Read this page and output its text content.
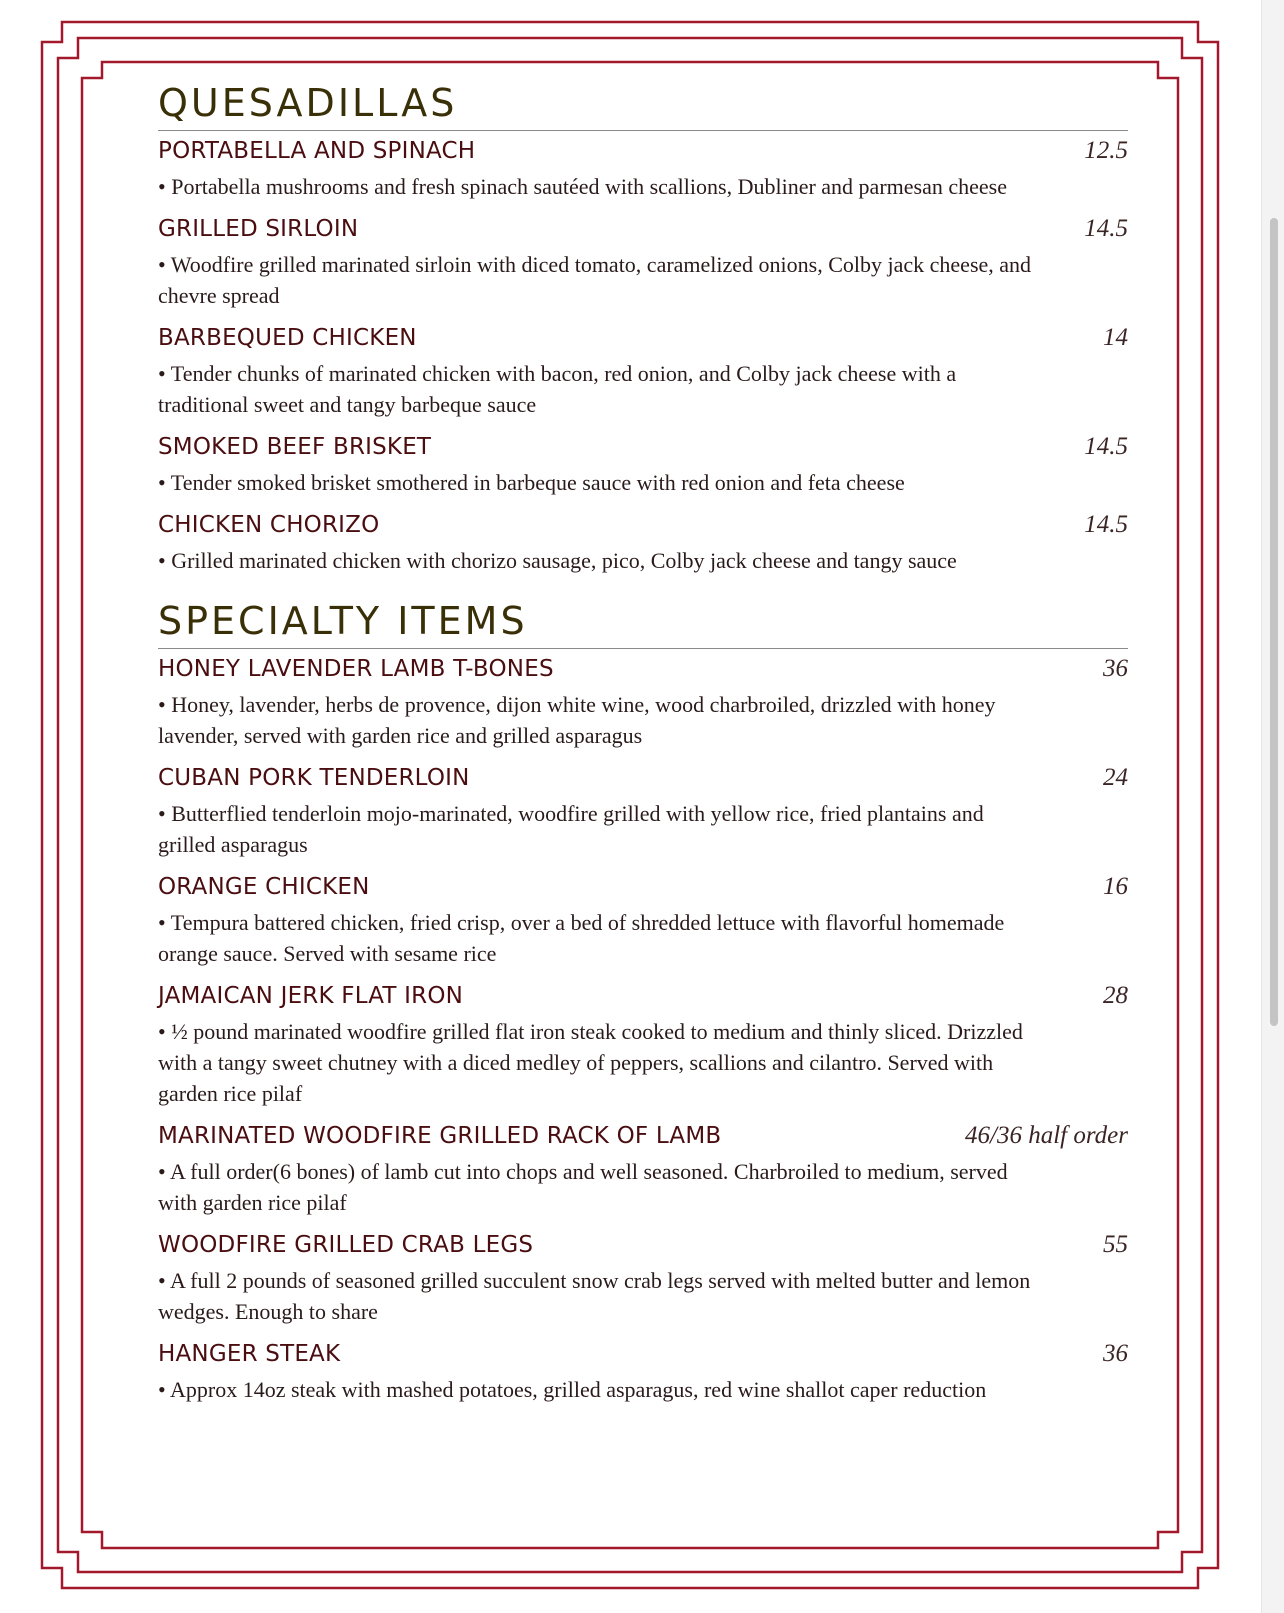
QUESADILLAS
PORTABELLA AND SPINACH	12.5
• Portabella mushrooms and fresh spinach sautéed with scallions, Dubliner and parmesan cheese
GRILLED SIRLOIN	14.5
• Woodfire grilled marinated sirloin with diced tomato, caramelized onions, Colby jack cheese, and chevre spread
BARBEQUED CHICKEN	14
• Tender chunks of marinated chicken with bacon, red onion, and Colby jack cheese with a traditional sweet and tangy barbeque sauce
SMOKED BEEF BRISKET	14.5
• Tender smoked brisket smothered in barbeque sauce with red onion and feta cheese
CHICKEN CHORIZO	14.5
• Grilled marinated chicken with chorizo sausage, pico, Colby jack cheese and tangy sauce
SPECIALTY ITEMS
HONEY LAVENDER LAMB T-BONES	36
• Honey, lavender, herbs de provence, dijon white wine, wood charbroiled, drizzled with honey lavender, served with garden rice and grilled asparagus
CUBAN PORK TENDERLOIN	24
• Butterflied tenderloin mojo-marinated, woodfire grilled with yellow rice, fried plantains and grilled asparagus
ORANGE CHICKEN	16
• Tempura battered chicken, fried crisp, over a bed of shredded lettuce with flavorful homemade orange sauce. Served with sesame rice
JAMAICAN JERK FLAT IRON	28
• ½ pound marinated woodfire grilled flat iron steak cooked to medium and thinly sliced. Drizzled with a tangy sweet chutney with a diced medley of peppers, scallions and cilantro. Served with garden rice pilaf
MARINATED WOODFIRE GRILLED RACK OF LAMB	46/36 half order
• A full order(6 bones) of lamb cut into chops and well seasoned. Charbroiled to medium, served with garden rice pilaf
WOODFIRE GRILLED CRAB LEGS	55
• A full 2 pounds of seasoned grilled succulent snow crab legs served with melted butter and lemon wedges. Enough to share
HANGER STEAK	36
• Approx 14oz steak with mashed potatoes, grilled asparagus, red wine shallot caper reduction
